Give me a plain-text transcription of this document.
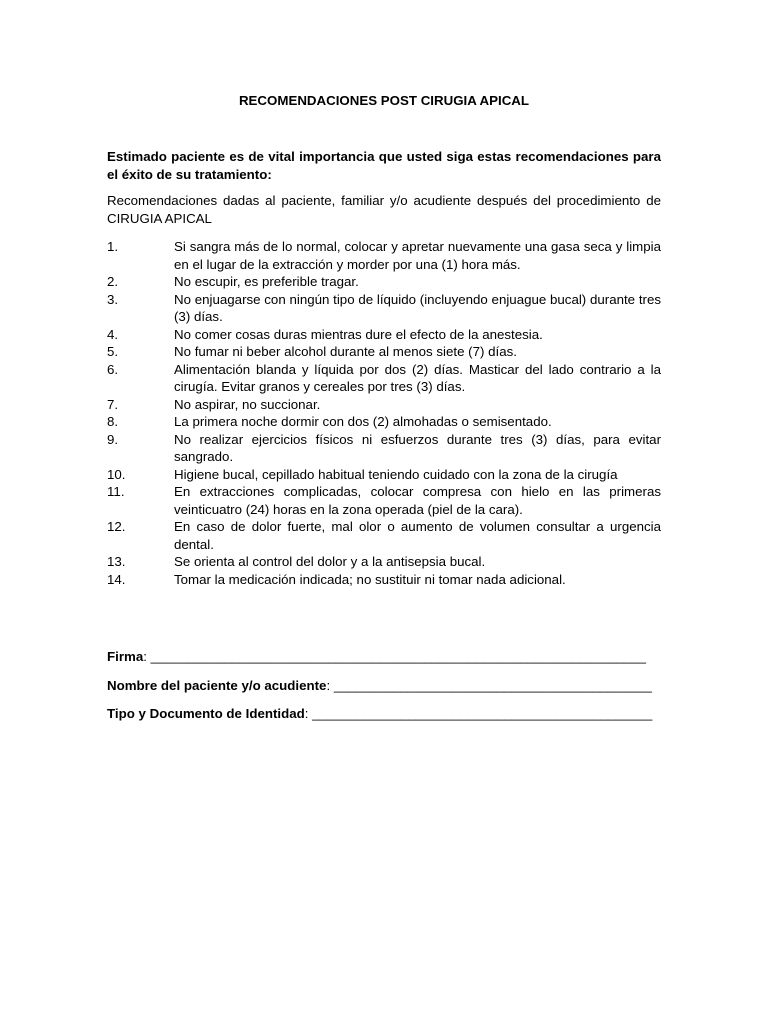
RECOMENDACIONES POST CIRUGIA APICAL
Estimado paciente es de vital importancia que usted siga estas recomendaciones para el éxito de su tratamiento:
Recomendaciones dadas al paciente, familiar y/o acudiente después del procedimiento de CIRUGIA APICAL
1 .	Si sangra más de lo normal, colocar y apretar nuevamente una gasa seca y limpia en el lugar de la extracción y morder por una (1) hora más.
2 .	No escupir, es preferible tragar.
3 .	No enjuagarse con ningún tipo de líquido (incluyendo enjuague bucal) durante tres (3) días.
4 .	No comer cosas duras mientras dure el efecto de la anestesia.
5 .	No fumar ni beber alcohol durante al menos siete (7) días.
6 .	Alimentación blanda y líquida por dos (2) días. Masticar del lado contrario a la cirugía. Evitar granos y cereales por tres (3) días.
7 .	No aspirar, no succionar.
8 .	La primera noche dormir con dos (2) almohadas o semisentado.
9 .	No realizar ejercicios físicos ni esfuerzos durante tres (3) días, para evitar sangrado.
10 .	Higiene bucal, cepillado habitual teniendo cuidado con la zona de la cirugía
11 .	En extracciones complicadas, colocar compresa con hielo en las primeras veinticuatro (24) horas en la zona operada (piel de la cara).
12 .	En caso de dolor fuerte, mal olor o aumento de volumen consultar a urgencia dental.
13 .	Se orienta al control del dolor y a la antisepsia bucal.
14 .	Tomar la medicación indicada; no sustituir ni tomar nada adicional.
Firma: ___________________________________________________________________
Nombre del paciente y/o acudiente: ___________________________________________
Tipo y Documento de Identidad: ______________________________________________
